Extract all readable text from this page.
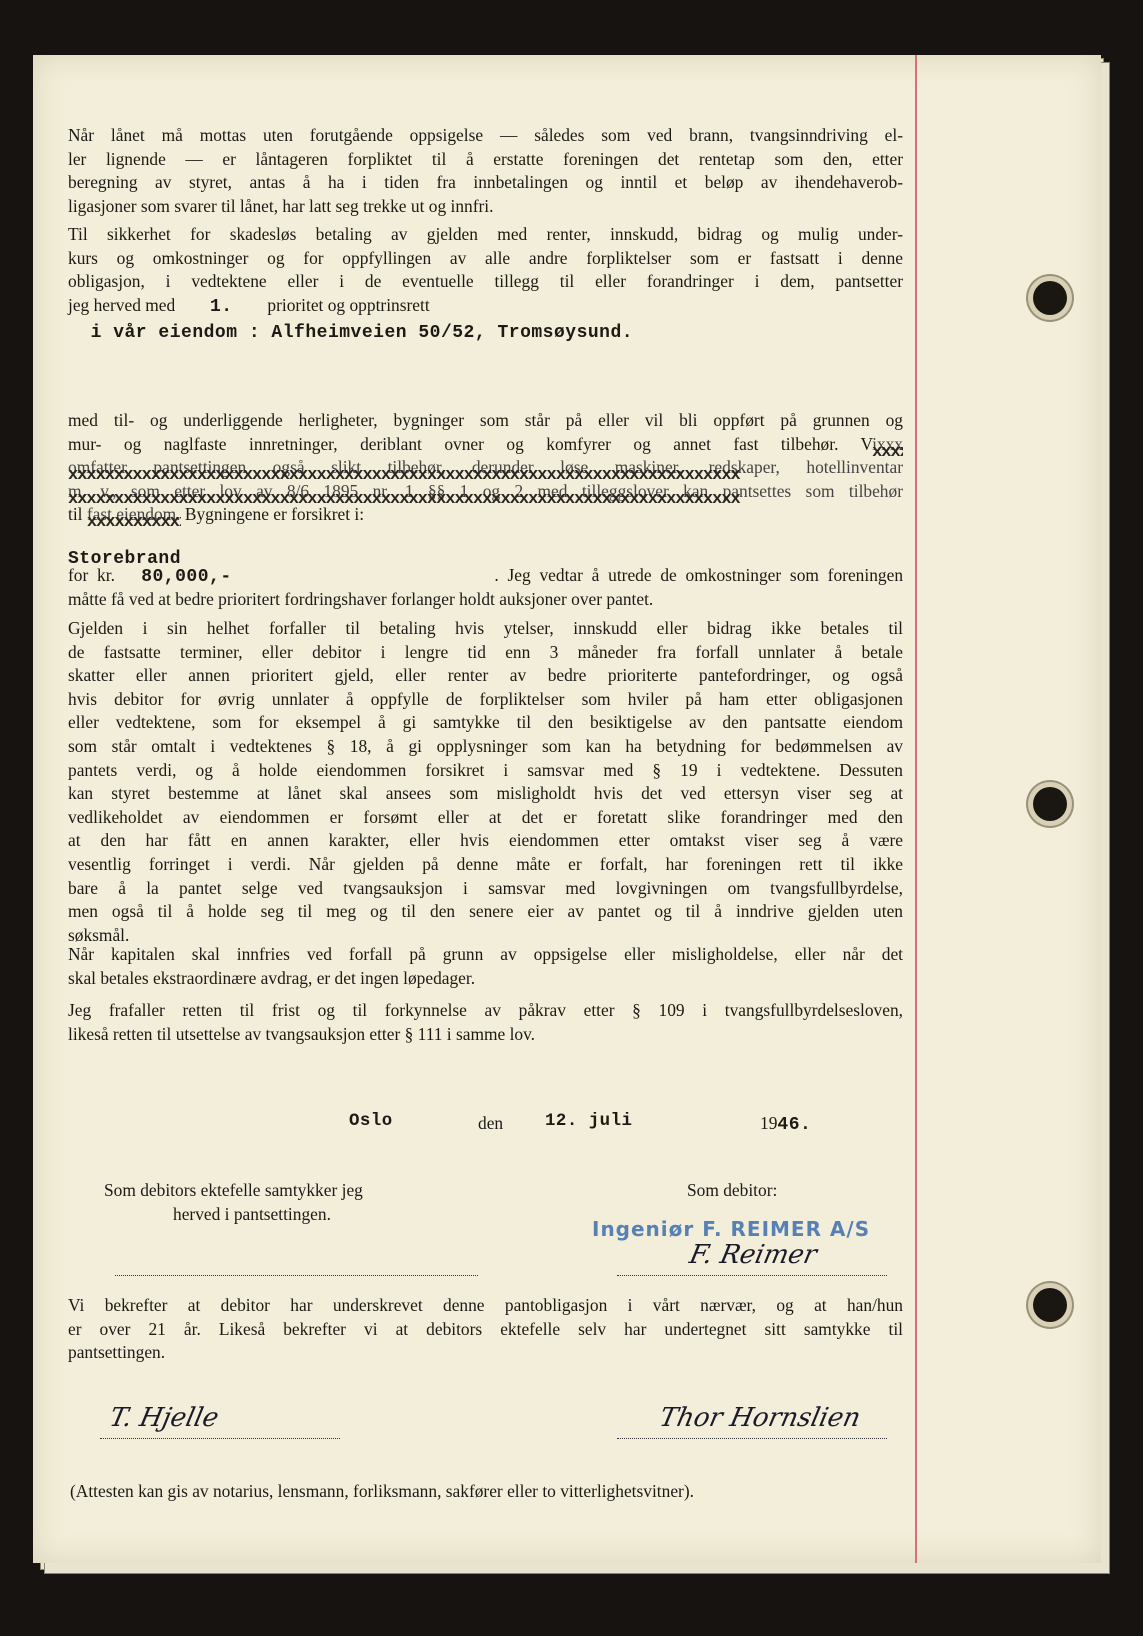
Når lånet må mottas uten forutgående oppsigelse — således som ved brann, tvangsinndriving el-
ler lignende — er låntageren forpliktet til å erstatte foreningen det rentetap som den, etter
beregning av styret, antas å ha i tiden fra innbetalingen og inntil et beløp av ihendehaverob-
ligasjoner som svarer til lånet, har latt seg trekke ut og innfri.
Til sikkerhet for skadesløs betaling av gjelden med renter, innskudd, bidrag og mulig under-
kurs og omkostninger og for oppfyllingen av alle andre forpliktelser som er fastsatt i denne
obligasjon, i vedtektene eller i de eventuelle tillegg til eller forandringer i dem, pantsetter
jeg herved med        1.        prioritet og opptrinsrett
i vår eiendom : Alfheimveien 50/52, Tromsøysund.
med til- og underliggende herligheter, bygninger som står på eller vil bli oppført på grunnen og
mur- og naglfaste innretninger, deriblant ovner og komfyrer og annet fast tilbehør. Vixxx xxxxxxxxxxxxxxxxxxxxxxxxxxxxxxxxxxxxxxxxxxxxxxxxxxxxxxxxxxxxxxxxxxxxxxxxx
omfatter pantsettingen også slikt tilbehør, derunder løse maskiner, redskaper, hotellinventar xxxxxxxxxxxxxxxxxxxxxxxxxxxxxxxxxxxxxxxxxxxxxxxxxxxxxxxxxxxxxxxxxxxxxxxxx
m. v., som etter lov av 8/6 1895 nr. 1 §§ 1 og 2 med tilleggslover kan pantsettes som tilbehør xxxxxxxxxxxxxxxxxxxxxxxxxxxxxxxxxxxxxxxxxxxxxxxxxxxxxxxxxxxxxxxxxxxxxxxxx
til fast eiendom. xxxxxxxxxxxxxxxxxxxxxxxxxxxxxxxxxxxxxxxxxxxxxxxxxxxxxxxxxxxxxxxxxxxxxxxxx Bygningene er forsikret i:
Storebrand
for kr.   80,000,-                              . Jeg vedtar å utrede de omkostninger som foreningen
måtte få ved at bedre prioritert fordringshaver forlanger holdt auksjoner over pantet.
Gjelden i sin helhet forfaller til betaling hvis ytelser, innskudd eller bidrag ikke betales til
de fastsatte terminer, eller debitor i lengre tid enn 3 måneder fra forfall unnlater å betale
skatter eller annen prioritert gjeld, eller renter av bedre prioriterte pantefordringer, og også
hvis debitor for øvrig unnlater å oppfylle de forpliktelser som hviler på ham etter obligasjonen
eller vedtektene, som for eksempel å gi samtykke til den besiktigelse av den pantsatte eiendom
som står omtalt i vedtektenes § 18, å gi opplysninger som kan ha betydning for bedømmelsen av
pantets verdi, og å holde eiendommen forsikret i samsvar med § 19 i vedtektene. Dessuten
kan styret bestemme at lånet skal ansees som misligholdt hvis det ved ettersyn viser seg at
vedlikeholdet av eiendommen er forsømt eller at det er foretatt slike forandringer med den
at den har fått en annen karakter, eller hvis eiendommen etter omtakst viser seg å være
vesentlig forringet i verdi. Når gjelden på denne måte er forfalt, har foreningen rett til ikke
bare å la pantet selge ved tvangsauksjon i samsvar med lovgivningen om tvangsfullbyrdelse,
men også til å holde seg til meg og til den senere eier av pantet og til å inndrive gjelden uten
søksmål.
Når kapitalen skal innfries ved forfall på grunn av oppsigelse eller misligholdelse, eller når det
skal betales ekstraordinære avdrag, er det ingen løpedager.
Jeg frafaller retten til frist og til forkynnelse av påkrav etter § 109 i tvangsfullbyrdelsesloven,
likeså retten til utsettelse av tvangsauksjon etter § 111 i samme lov.
Oslo	den 12. juli	1946.
Som debitors ektefelle samtykker jeg
herved i pantsettingen.
Som debitor:
Ingeniør F. REIMER A/S
F. Reimer
Vi bekrefter at debitor har underskrevet denne pantobligasjon i vårt nærvær, og at han/hun
er over 21 år. Likeså bekrefter vi at debitors ektefelle selv har undertegnet sitt samtykke til
pantsettingen.
T. Hjelle	Thor Hornslien
(Attesten kan gis av notarius, lensmann, forliksmann, sakfører eller to vitterlighetsvitner).
